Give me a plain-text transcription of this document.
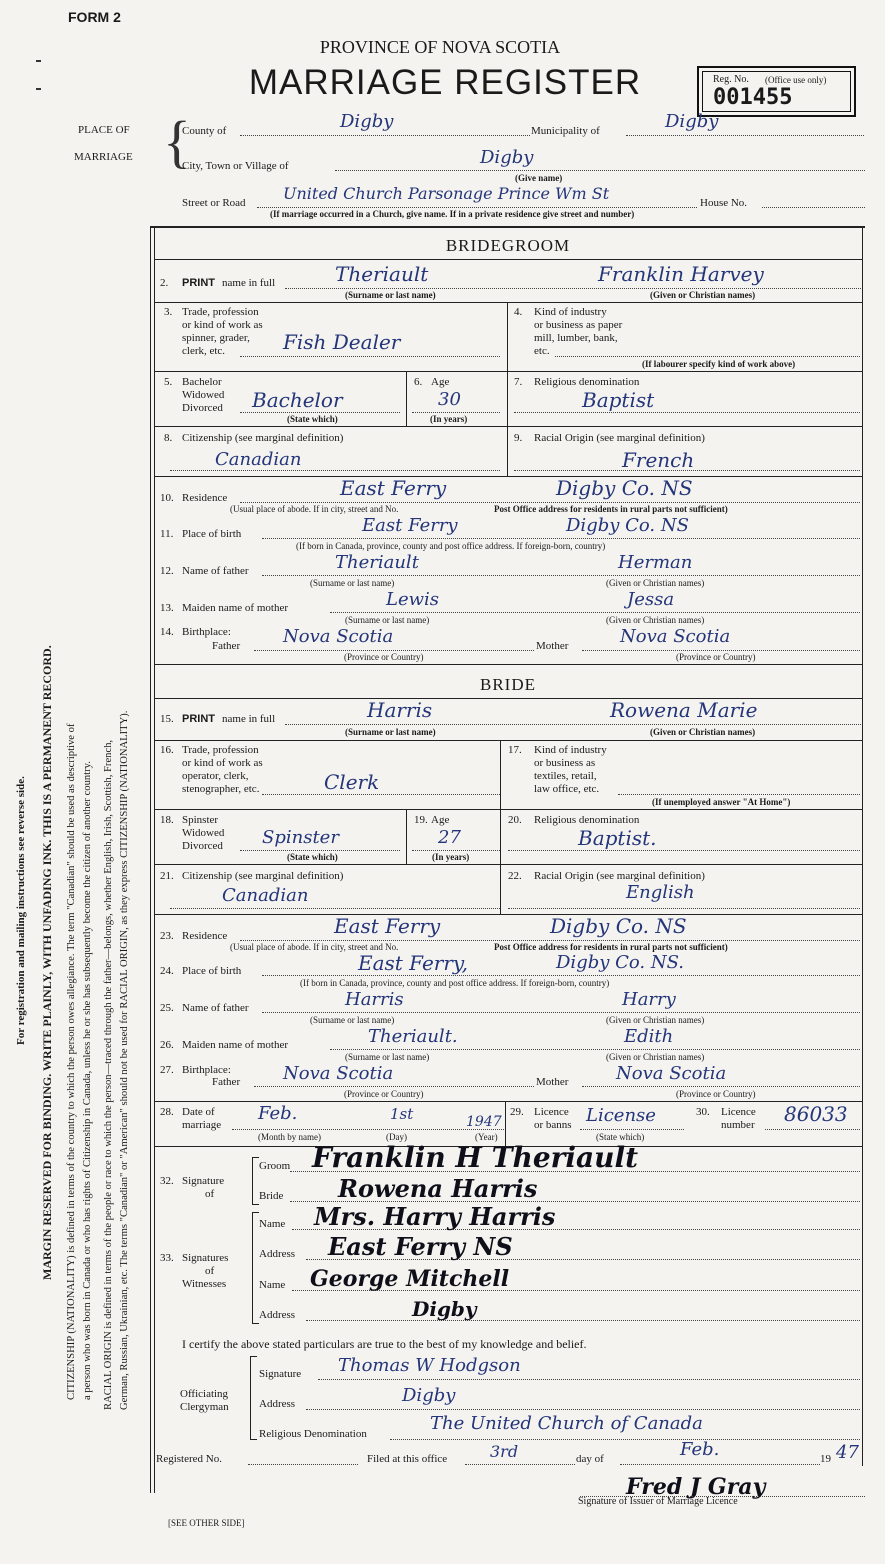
FORM 2
PROVINCE OF NOVA SCOTIA
MARRIAGE REGISTER	Reg. No. (Office use only)
001455
PLACE OF
MARRIAGE {
County of	Digby	Municipality of	Digby
City, Town or Village of	Digby
(Give name)
Street or Road United Church Parsonage Prince Wm St	House No.
(If marriage occurred in a Church, give name. If in a private residence give street and number)
For registration and mailing instructions see reverse side. MARGIN RESERVED FOR BINDING. WRITE PLAINLY, WITH UNFADING INK. THIS IS A PERMANENT RECORD. CITIZENSHIP (NATIONALITY) is defined in terms of the country to which the person owes allegiance. The term "Canadian" should be used as descriptive of a person who was born in Canada or who has rights of Citizenship in Canada, unless he or she has subsequently become the citizen of another country. RACIAL ORIGIN is defined in terms of the people or race to which the person—traced through the father—belongs, whether English, Irish, Scottish, French, German, Russian, Ukrainian, etc. The terms "Canadian" or "American" should not be used for RACIAL ORIGIN, as they express CITIZENSHIP (NATIONALITY).
BRIDEGROOM
2. PRINT name in full	Theriault	Franklin Harvey
(Surname or last name)	(Given or Christian names)
3. Trade, profession
or kind of work as
spinner, grader,
clerk, etc.	Fish Dealer
4. Kind of industry
or business as paper
mill, lumber, bank,
etc.
(If labourer specify kind of work above)
5. Bachelor
Widowed
Divorced Bachelor
(State which)
6. Age
30
(In years)
7. Religious denomination
Baptist
8. Citizenship (see marginal definition)
Canadian
9. Racial Origin (see marginal definition)
French
10. Residence	East Ferry	Digby Co. NS
(Usual place of abode. If in city, street and No.	Post Office address for residents in rural parts not sufficient)
11. Place of birth	East Ferry	Digby Co. NS
(If born in Canada, province, county and post office address. If foreign-born, country)
12. Name of father	Theriault	Herman
(Surname or last name)	(Given or Christian names)
13. Maiden name of mother	Lewis	Jessa
(Surname or last name)	(Given or Christian names)
14. Birthplace:
Father Nova Scotia	Mother	Nova Scotia
(Province or Country)	(Province or Country)
BRIDE
15. PRINT name in full	Harris	Rowena Marie
(Surname or last name)	(Given or Christian names)
16. Trade, profession
or kind of work as
operator, clerk,
stenographer, etc.	Clerk
17. Kind of industry
or business as
textiles, retail,
law office, etc.
(If unemployed answer "At Home")
18. Spinster
Widowed
Divorced Spinster
(State which)
19. Age
27
(In years)
20. Religious denomination
Baptist.
21. Citizenship (see marginal definition)
Canadian
22. Racial Origin (see marginal definition)
English
23. Residence	East Ferry	Digby Co. NS
(Usual place of abode. If in city, street and No.	Post Office address for residents in rural parts not sufficient)
24. Place of birth	East Ferry,	Digby Co. NS.
(If born in Canada, province, county and post office address. If foreign-born, country)
25. Name of father	Harris	Harry
(Surname or last name)	(Given or Christian names)
26. Maiden name of mother	Theriault.	Edith
(Surname or last name)	(Given or Christian names)
27. Birthplace:
Father Nova Scotia	Mother	Nova Scotia
(Province or Country)	(Province or Country)
28. Date of
marriage
Feb.	1st	1947
(Month by name)	(Day)	(Year)
29. Licence
or banns License
(State which)
30. Licence
number 86033
32. Signature
of
Groom Franklin H Theriault
Bride Rowena Harris
33. Signatures
of
Witnesses
Name Mrs. Harry Harris
Address East Ferry NS
Name George Mitchell
Address	Digby
I certify the above stated particulars are true to the best of my knowledge and belief.
Officiating
Clergyman
Signature Thomas W Hodgson
Address	Digby
Religious Denomination	The United Church of Canada
Registered No.	Filed at this office	3rd	day of	Feb.	19 47
Fred J Gray
Signature of Issuer of Marriage Licence
[SEE OTHER SIDE]
